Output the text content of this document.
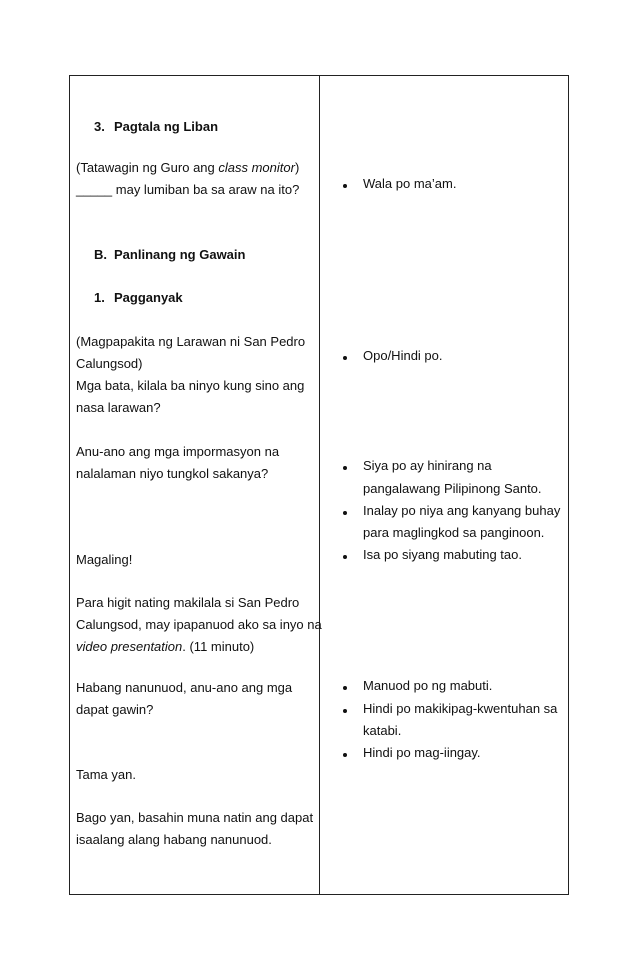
3. Pagtala ng Liban
(Tatawagin ng Guro ang class monitor)
_____ may lumiban ba sa araw na ito?
B. Panlinang ng Gawain
1. Pagganyak
(Magpapakita ng Larawan ni San Pedro
Calungsod)
Mga bata, kilala ba ninyo kung sino ang
nasa larawan?
Anu-ano ang mga impormasyon na
nalalaman niyo tungkol sakanya?
Magaling!
Para higit nating makilala si San Pedro
Calungsod, may ipapanuod ako sa inyo na
video presentation. (11 minuto)
Habang nanunuod, anu-ano ang mga
dapat gawin?
Tama yan.
Bago yan, basahin muna natin ang dapat
isaalang alang habang nanunuod.
Wala po ma’am.
Opo/Hindi po.
Siya po ay hinirang na
pangalawang Pilipinong Santo.
Inalay po niya ang kanyang buhay
para maglingkod sa panginoon.
Isa po siyang mabuting tao.
Manuod po ng mabuti.
Hindi po makikipag-kwentuhan sa
katabi.
Hindi po mag-iingay.
